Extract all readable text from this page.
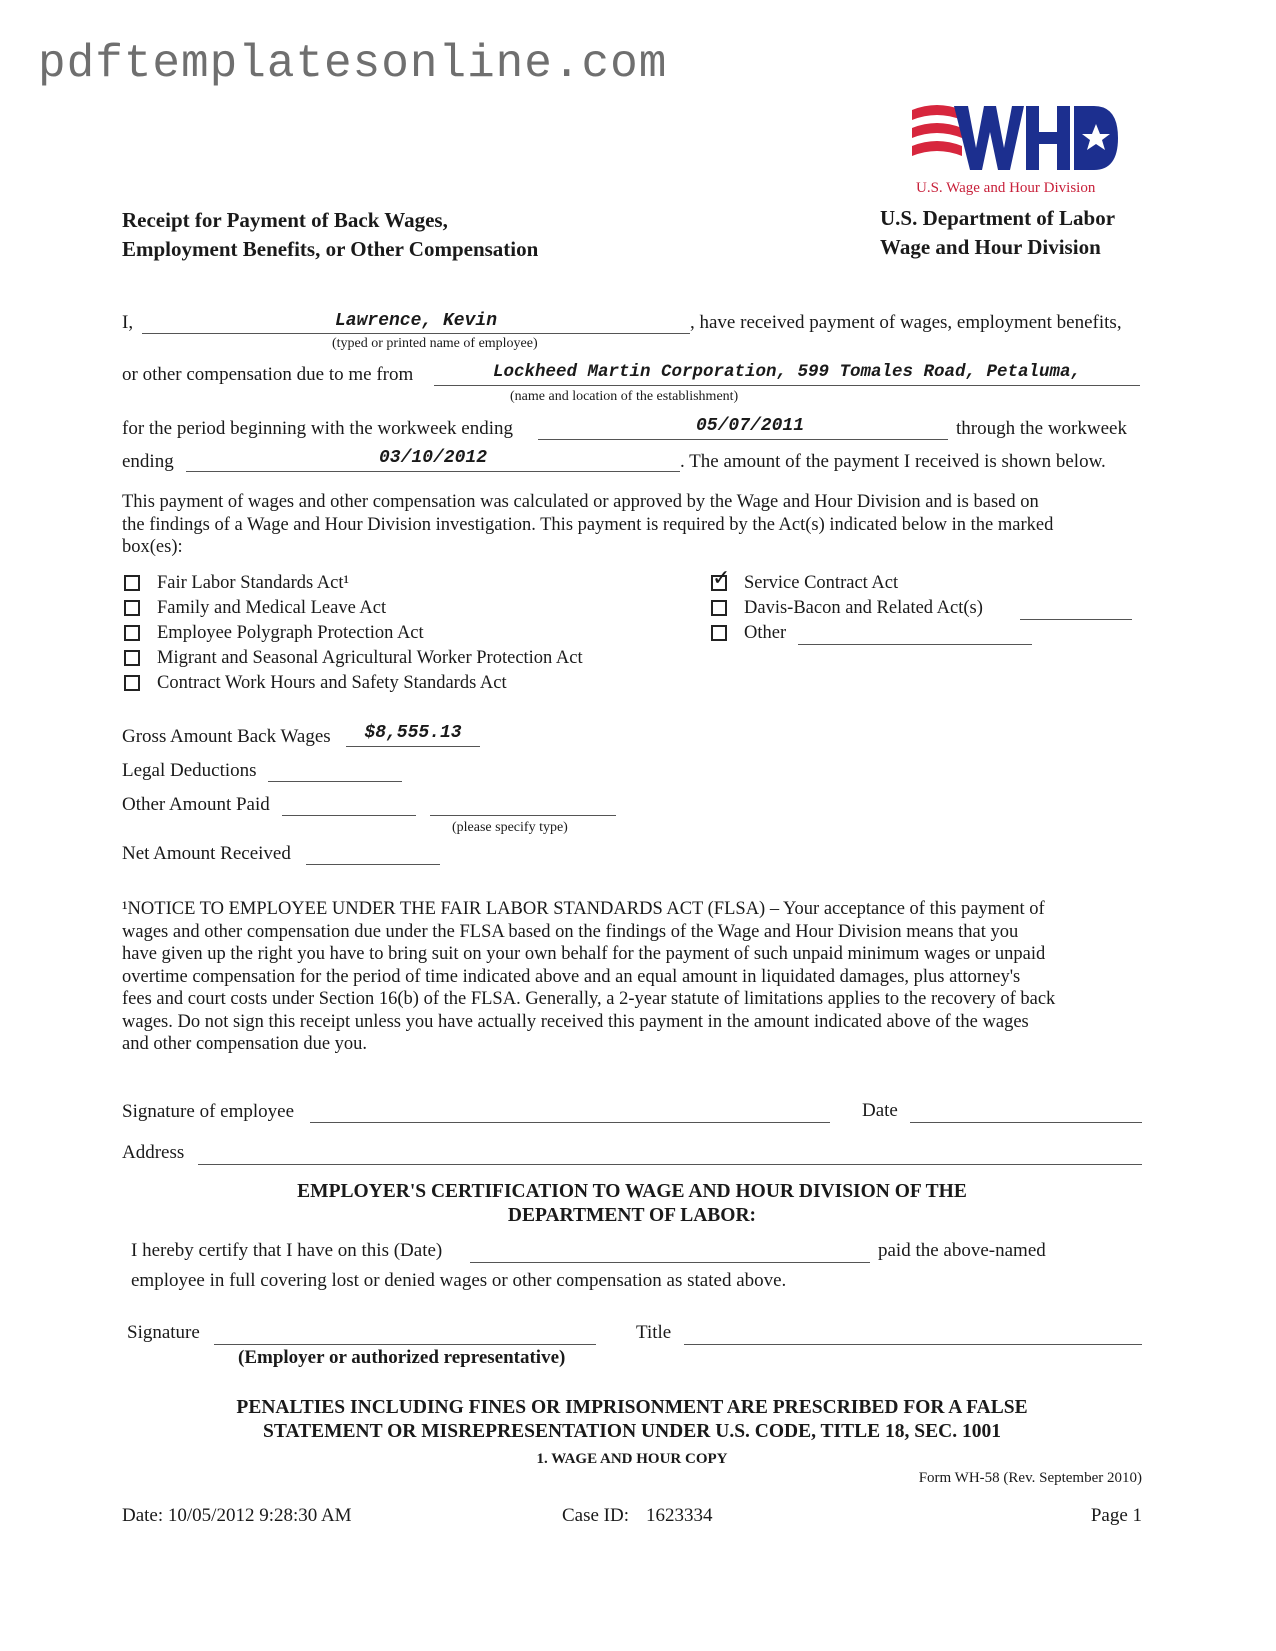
pdftemplatesonline.com
U.S. Wage and Hour Division
Receipt for Payment of Back Wages,
Employment Benefits, or Other Compensation
U.S. Department of Labor
Wage and Hour Division
I,	Lawrence, Kevin	, have received payment of wages, employment benefits,
(typed or printed name of employee)
or other compensation due to me from	Lockheed Martin Corporation, 599 Tomales Road, Petaluma,
(name and location of the establishment)
for the period beginning with the workweek ending	05/07/2011	through the workweek
ending	03/10/2012	. The amount of the payment I received is shown below.
This payment of wages and other compensation was calculated or approved by the Wage and Hour Division and is based on
the findings of a Wage and Hour Division investigation. This payment is required by the Act(s) indicated below in the marked
box(es):
Fair Labor Standards Act¹
Family and Medical Leave Act
Employee Polygraph Protection Act
Migrant and Seasonal Agricultural Worker Protection Act
Contract Work Hours and Safety Standards Act
✓ Service Contract Act
Davis-Bacon and Related Act(s)
Other
Gross Amount Back Wages	$8,555.13
Legal Deductions
Other Amount Paid
(please specify type)
Net Amount Received
¹NOTICE TO EMPLOYEE UNDER THE FAIR LABOR STANDARDS ACT (FLSA) – Your acceptance of this payment of
wages and other compensation due under the FLSA based on the findings of the Wage and Hour Division means that you
have given up the right you have to bring suit on your own behalf for the payment of such unpaid minimum wages or unpaid
overtime compensation for the period of time indicated above and an equal amount in liquidated damages, plus attorney's
fees and court costs under Section 16(b) of the FLSA. Generally, a 2-year statute of limitations applies to the recovery of back
wages. Do not sign this receipt unless you have actually received this payment in the amount indicated above of the wages
and other compensation due you.
Signature of employee	Date
Address
EMPLOYER'S CERTIFICATION TO WAGE AND HOUR DIVISION OF THE
DEPARTMENT OF LABOR:
I hereby certify that I have on this (Date)	paid the above-named
employee in full covering lost or denied wages or other compensation as stated above.
Signature
(Employer or authorized representative)
Title
PENALTIES INCLUDING FINES OR IMPRISONMENT ARE PRESCRIBED FOR A FALSE
STATEMENT OR MISREPRESENTATION UNDER U.S. CODE, TITLE 18, SEC. 1001
1. WAGE AND HOUR COPY
Form WH-58 (Rev. September 2010)
Date: 10/05/2012 9:28:30 AM	Case ID: 1623334	Page 1
